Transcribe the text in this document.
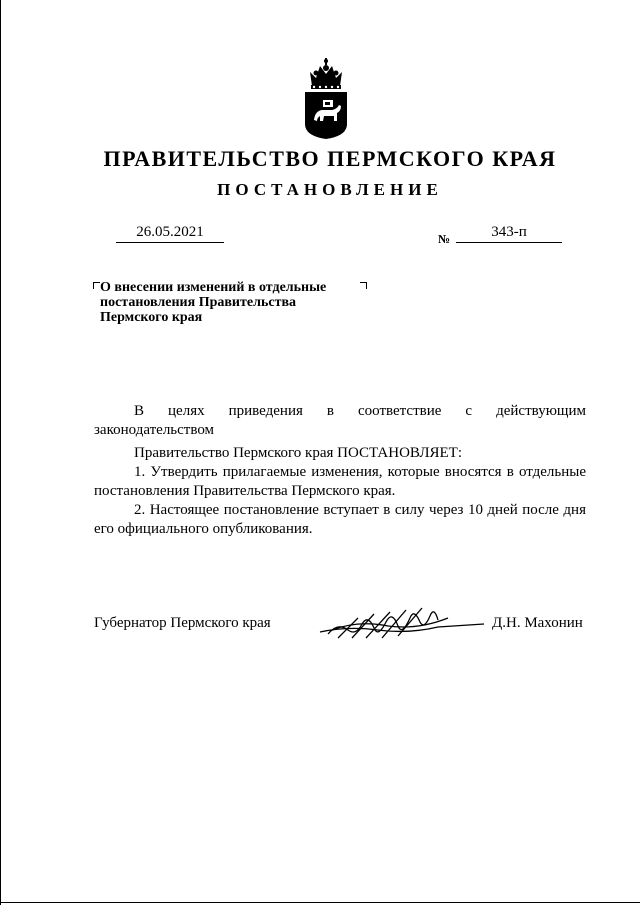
ПРАВИТЕЛЬСТВО ПЕРМСКОГО КРАЯ
ПОСТАНОВЛЕНИЕ
26.05.2021	№	343-п
О внесении изменений в отдельные
постановления Правительства
Пермского края

В целях приведения в соответствие с действующим

законодательством

Правительство Пермского края ПОСТАНОВЛЯЕТ:

1. Утвердить прилагаемые изменения, которые вносятся в отдельные постановления Правительства Пермского края.

2. Настоящее постановление вступает в силу через 10 дней после дня его официального опубликования.

Губернатор Пермского края	Д.Н. Махонин
